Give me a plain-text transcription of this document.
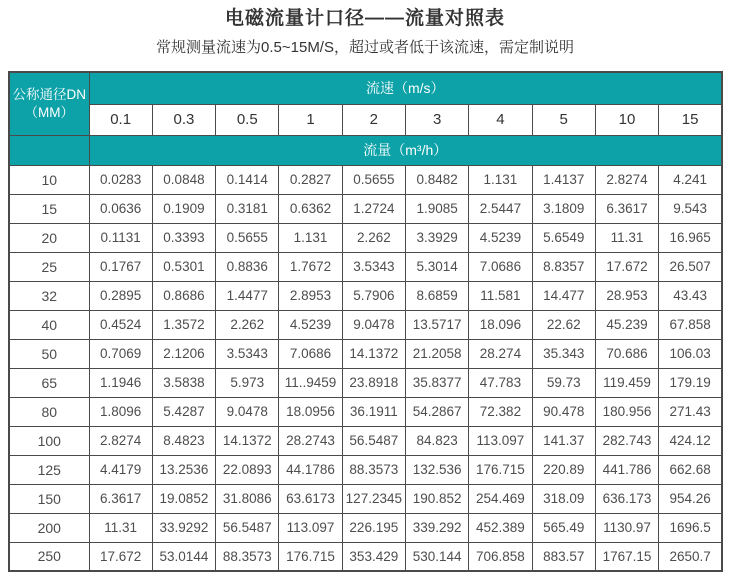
电磁流量计口径——流量对照表
常规测量流速为0.5~15M/S，超过或者低于该流速，需定制说明
公称通径DN
（MM）	流速（m/s）									
	0.1	0.3	0.5	1	2	3	4	5	10	15
	流量（m³/h）									
10	0.0283	0.0848	0.1414	0.2827	0.5655	0.8482	1.131	1.4137	2.8274	4.241
15	0.0636	0.1909	0.3181	0.6362	1.2724	1.9085	2.5447	3.1809	6.3617	9.543
20	0.1131	0.3393	0.5655	1.131	2.262	3.3929	4.5239	5.6549	11.31	16.965
25	0.1767	0.5301	0.8836	1.7672	3.5343	5.3014	7.0686	8.8357	17.672	26.507
32	0.2895	0.8686	1.4477	2.8953	5.7906	8.6859	11.581	14.477	28.953	43.43
40	0.4524	1.3572	2.262	4.5239	9.0478	13.5717	18.096	22.62	45.239	67.858
50	0.7069	2.1206	3.5343	7.0686	14.1372	21.2058	28.274	35.343	70.686	106.03
65	1.1946	3.5838	5.973	11..9459	23.8918	35.8377	47.783	59.73	119.459	179.19
80	1.8096	5.4287	9.0478	18.0956	36.1911	54.2867	72.382	90.478	180.956	271.43
100	2.8274	8.4823	14.1372	28.2743	56.5487	84.823	113.097	141.37	282.743	424.12
125	4.4179	13.2536	22.0893	44.1786	88.3573	132.536	176.715	220.89	441.786	662.68
150	6.3617	19.0852	31.8086	63.6173	127.2345	190.852	254.469	318.09	636.173	954.26
200	11.31	33.9292	56.5487	113.097	226.195	339.292	452.389	565.49	1130.97	1696.5
250	17.672	53.0144	88.3573	176.715	353.429	530.144	706.858	883.57	1767.15	2650.7
